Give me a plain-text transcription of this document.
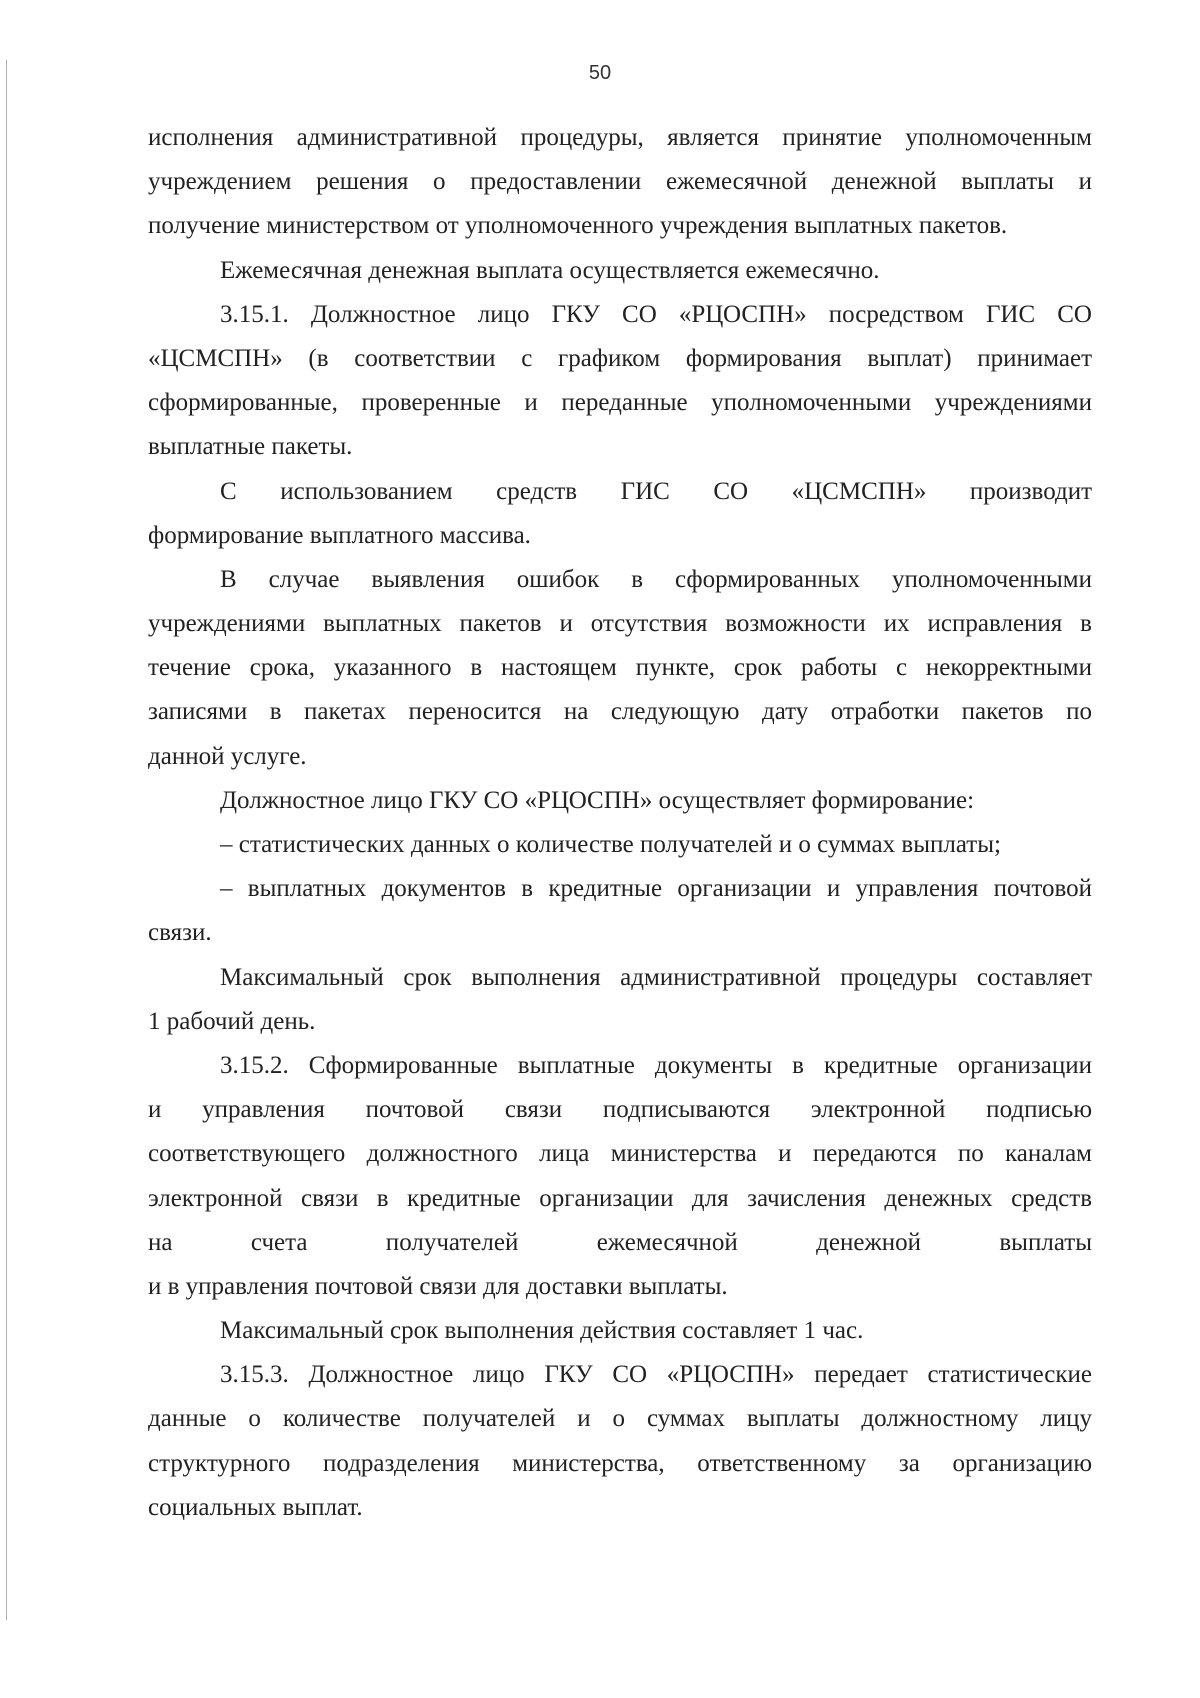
50
исполнения административной процедуры, является принятие уполномоченным
учреждением решения о предоставлении ежемесячной денежной выплаты и
получение министерством от уполномоченного учреждения выплатных пакетов.
Ежемесячная денежная выплата осуществляется ежемесячно.
3.15.1. Должностное лицо ГКУ СО «РЦОСПН» посредством ГИС СО
«ЦСМСПН» (в соответствии с графиком формирования выплат) принимает
сформированные, проверенные и переданные уполномоченными учреждениями
выплатные пакеты.
С использованием средств ГИС СО «ЦСМСПН» производит
формирование выплатного массива.
В случае выявления ошибок в сформированных уполномоченными
учреждениями выплатных пакетов и отсутствия возможности их исправления в
течение срока, указанного в настоящем пункте, срок работы с некорректными
записями в пакетах переносится на следующую дату отработки пакетов по
данной услуге.
Должностное лицо ГКУ СО «РЦОСПН» осуществляет формирование:
– статистических данных о количестве получателей и о суммах выплаты;
– выплатных документов в кредитные организации и управления почтовой
связи.
Максимальный срок выполнения административной процедуры составляет
1 рабочий день.
3.15.2. Сформированные выплатные документы в кредитные организации
и управления почтовой связи подписываются электронной подписью
соответствующего должностного лица министерства и передаются по каналам
электронной связи в кредитные организации для зачисления денежных средств
на счета получателей ежемесячной денежной выплаты
и в управления почтовой связи для доставки выплаты.
Максимальный срок выполнения действия составляет 1 час.
3.15.3. Должностное лицо ГКУ СО «РЦОСПН» передает статистические
данные о количестве получателей и о суммах выплаты должностному лицу
структурного подразделения министерства, ответственному за организацию
социальных выплат.
